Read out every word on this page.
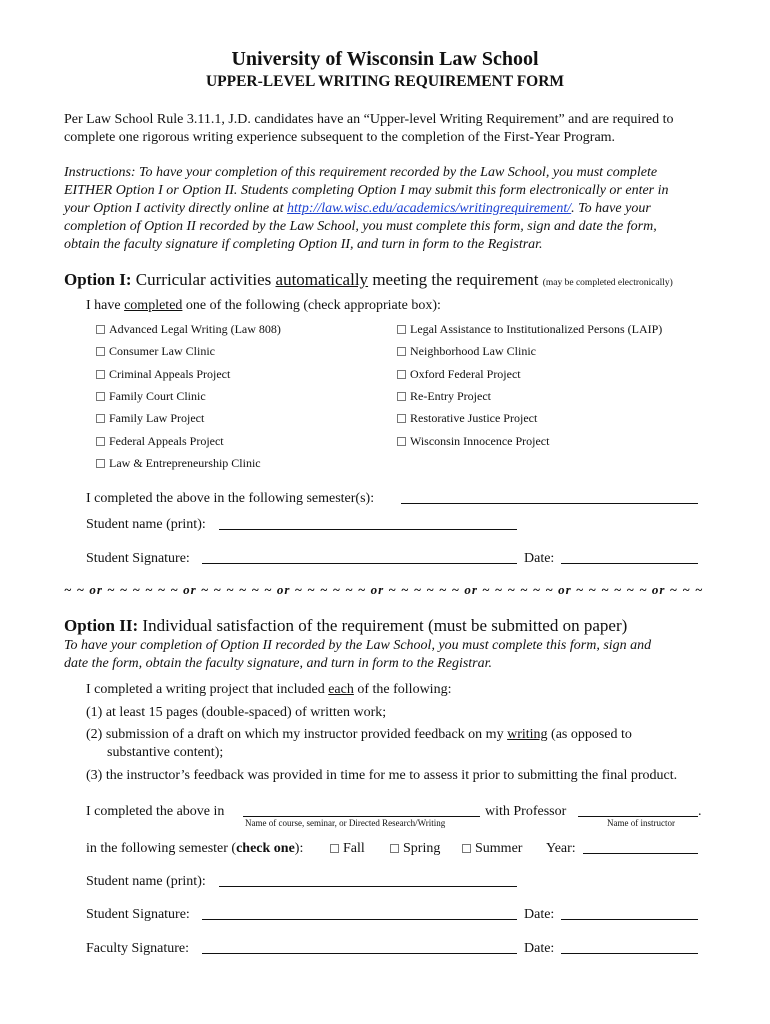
University of Wisconsin Law School
UPPER-LEVEL WRITING REQUIREMENT FORM
Per Law School Rule 3.11.1, J.D. candidates have an “Upper-level Writing Requirement” and are required to
complete one rigorous writing experience subsequent to the completion of the First-Year Program.
Instructions: To have your completion of this requirement recorded by the Law School, you must complete
EITHER Option I or Option II. Students completing Option I may submit this form electronically or enter in
your Option I activity directly online at http://law.wisc.edu/academics/writingrequirement/. To have your
completion of Option II recorded by the Law School, you must complete this form, sign and date the form,
obtain the faculty signature if completing Option II, and turn in form to the Registrar.
Option I: Curricular activities automatically meeting the requirement (may be completed electronically)
I have completed one of the following (check appropriate box):
Advanced Legal Writing (Law 808)
Consumer Law Clinic
Criminal Appeals Project
Family Court Clinic
Family Law Project
Federal Appeals Project
Law & Entrepreneurship Clinic
Legal Assistance to Institutionalized Persons (LAIP)
Neighborhood Law Clinic
Oxford Federal Project
Re-Entry Project
Restorative Justice Project
Wisconsin Innocence Project
I completed the above in the following semester(s):
Student name (print):
Student Signature:	Date:
~ ~ or ~ ~ ~ ~ ~ ~ or ~ ~ ~ ~ ~ ~ or ~ ~ ~ ~ ~ ~ or ~ ~ ~ ~ ~ ~ or ~ ~ ~ ~ ~ ~ or ~ ~ ~ ~ ~ ~ or ~ ~ ~
Option II: Individual satisfaction of the requirement (must be submitted on paper)
To have your completion of Option II recorded by the Law School, you must complete this form, sign and
date the form, obtain the faculty signature, and turn in form to the Registrar.
I completed a writing project that included each of the following:
(1) at least 15 pages (double-spaced) of written work;
(2) submission of a draft on which my instructor provided feedback on my writing (as opposed to
substantive content);
(3) the instructor’s feedback was provided in time for me to assess it prior to submitting the final product.
I completed the above in	with Professor	.
Name of course, seminar, or Directed Research/Writing	Name of instructor
in the following semester (check one):	Fall	Spring	Summer Year:
Student name (print):
Student Signature:	Date:
Faculty Signature:	Date:
